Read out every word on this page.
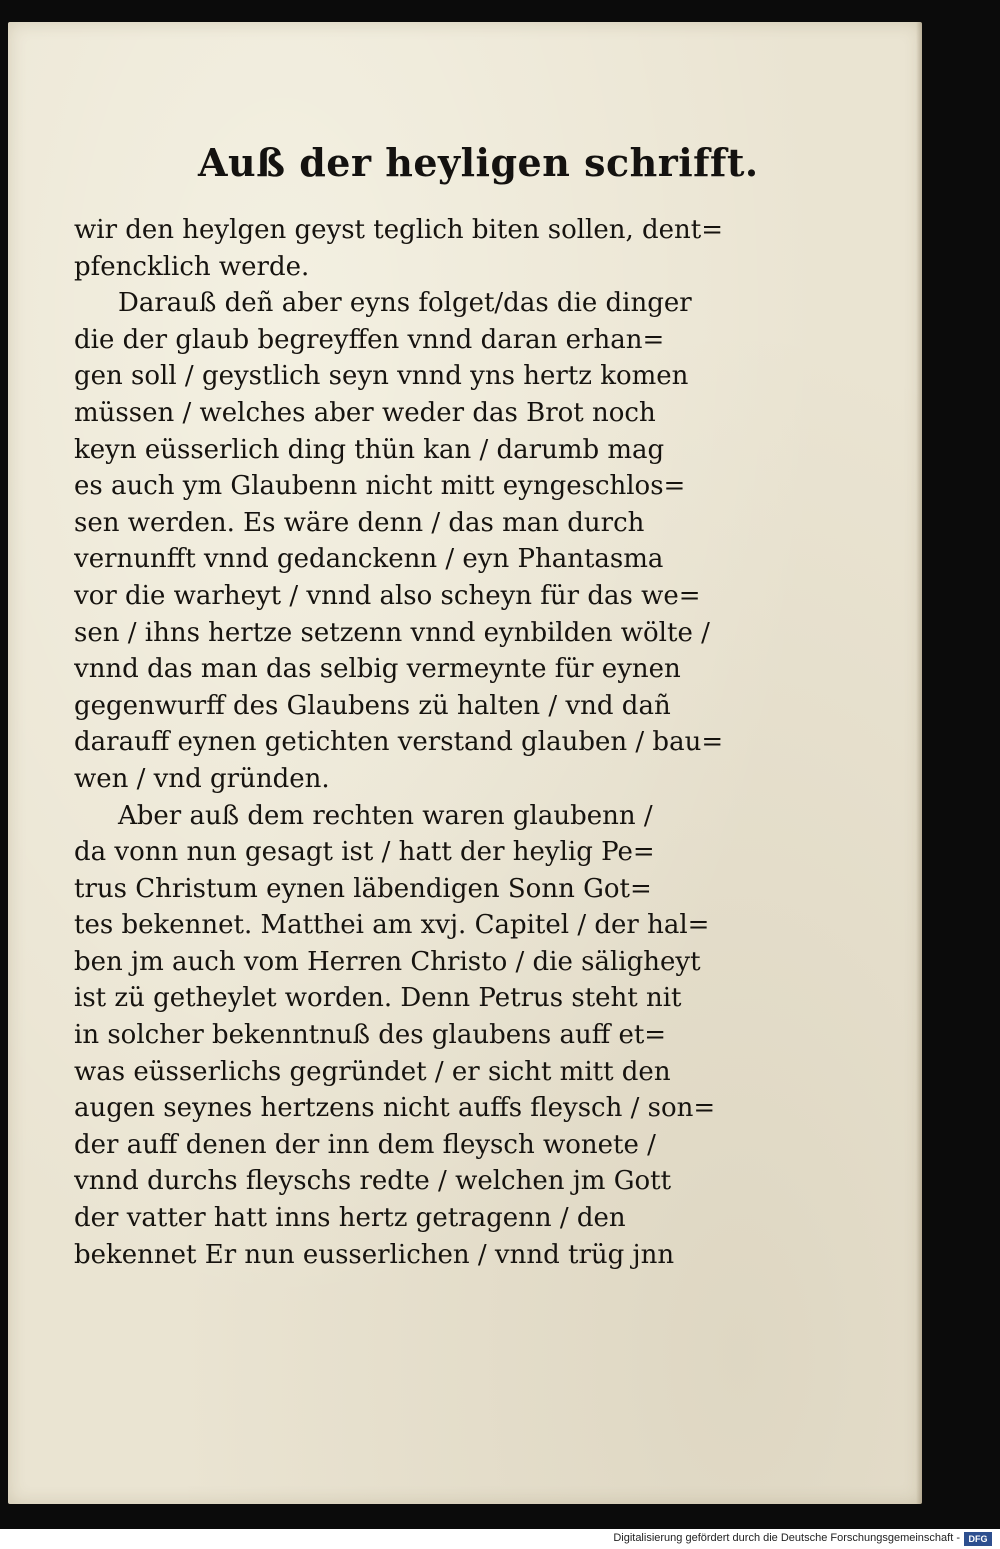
Auß der heyligen schrifft.
wir den heylgen geyst teglich biten sollen, dent=
pfencklich werde.
Darauß deñ aber eyns folget/das die dinger
die der glaub begreyffen vnnd daran erhan=
gen soll / geystlich seyn vnnd yns hertz komen
müssen / welches aber weder das Brot noch
keyn eüsserlich ding thün kan / darumb mag
es auch ym Glaubenn nicht mitt eyngeschlos=
sen werden. Es wäre denn / das man durch
vernunfft vnnd gedanckenn / eyn Phantasma
vor die warheyt / vnnd also scheyn für das we=
sen / ihns hertze setzenn vnnd eynbilden wölte /
vnnd das man das selbig vermeynte für eynen
gegenwurff des Glaubens zü halten / vnd dañ
darauff eynen getichten verstand glauben / bau=
wen / vnd gründen.
Aber auß dem rechten waren glaubenn /
da vonn nun gesagt ist / hatt der heylig Pe=
trus Christum eynen läbendigen Sonn Got=
tes bekennet. Matthei am xvj. Capitel / der hal=
ben jm auch vom Herren Christo / die säligheyt
ist zü getheylet worden. Denn Petrus steht nit
in solcher bekenntnuß des glaubens auff et=
was eüsserlichs gegründet / er sicht mitt den
augen seynes hertzens nicht auffs fleysch / son=
der auff denen der inn dem fleysch wonete /
vnnd durchs fleyschs redte / welchen jm Gott
der vatter hatt inns hertz getragenn / den
bekennet Er nun eusserlichen / vnnd trüg jnn
Digitalisierung gefördert durch die Deutsche Forschungsgemeinschaft - DFG
